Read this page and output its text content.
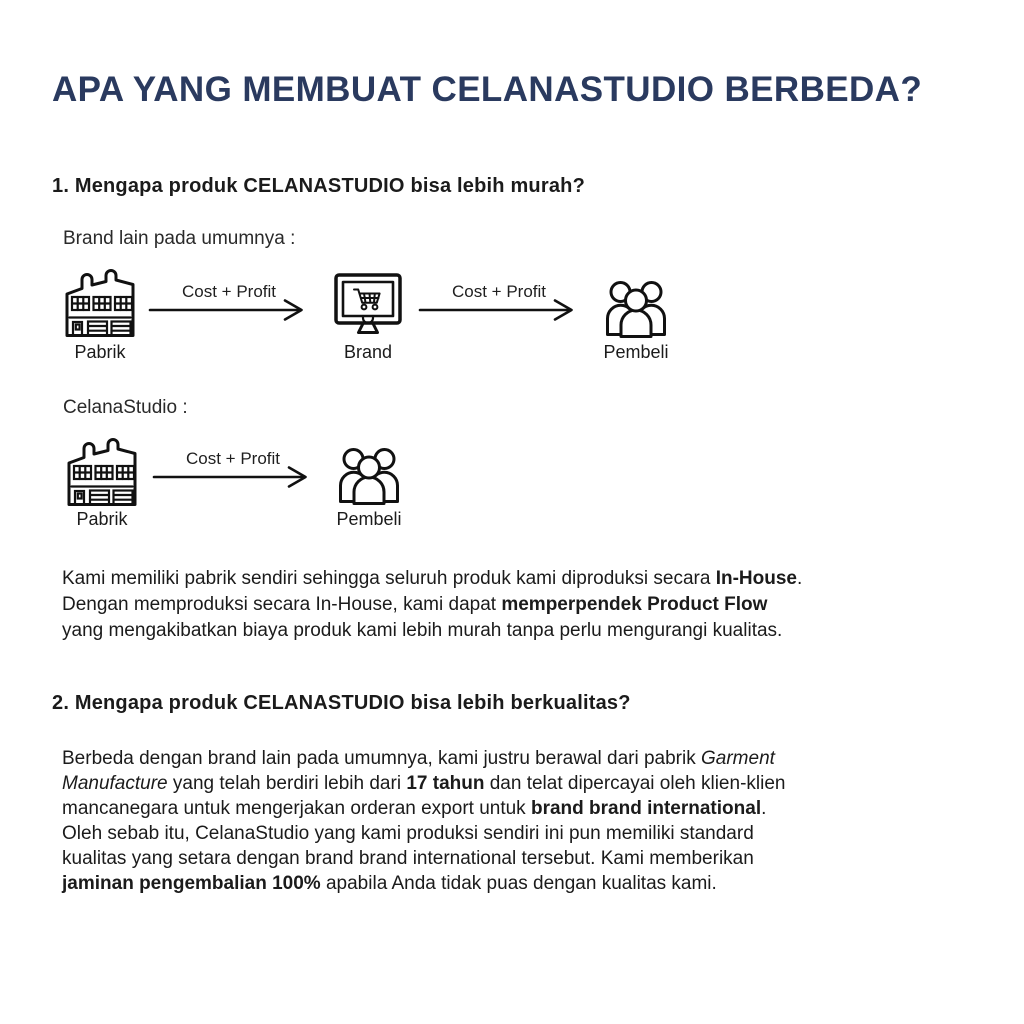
APA YANG MEMBUAT CELANASTUDIO BERBEDA?
1. Mengapa produk CELANASTUDIO bisa lebih murah?
Brand lain pada umumnya :
Cost + Profit	Cost + Profit
Pabrik	Brand	Pembeli
CelanaStudio :
Cost + Profit
Pabrik	Pembeli
Kami memiliki pabrik sendiri sehingga seluruh produk kami diproduksi secara In-House.
Dengan memproduksi secara In-House, kami dapat memperpendek Product Flow
yang mengakibatkan biaya produk kami lebih murah tanpa perlu mengurangi kualitas.
2. Mengapa produk CELANASTUDIO bisa lebih berkualitas?
Berbeda dengan brand lain pada umumnya, kami justru berawal dari pabrik Garment
Manufacture yang telah berdiri lebih dari 17 tahun dan telat dipercayai oleh klien-klien
mancanegara untuk mengerjakan orderan export untuk brand brand international.
Oleh sebab itu, CelanaStudio yang kami produksi sendiri ini pun memiliki standard
kualitas yang setara dengan brand brand international tersebut. Kami memberikan
jaminan pengembalian 100% apabila Anda tidak puas dengan kualitas kami.
